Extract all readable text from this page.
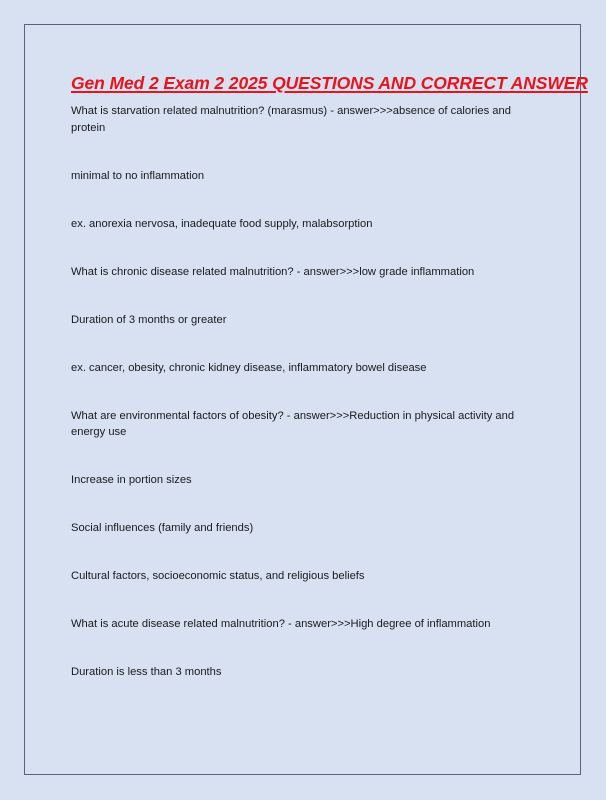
Gen Med 2 Exam 2 2025 QUESTIONS AND CORRECT ANSWER

What is starvation related malnutrition? (marasmus) - answer>>>absence of calories and protein

minimal to no inflammation

ex. anorexia nervosa, inadequate food supply, malabsorption

What is chronic disease related malnutrition? - answer>>>low grade inflammation

Duration of 3 months or greater

ex. cancer, obesity, chronic kidney disease, inflammatory bowel disease

What are environmental factors of obesity? - answer>>>Reduction in physical activity and energy use

Increase in portion sizes

Social influences (family and friends)

Cultural factors, socioeconomic status, and religious beliefs

What is acute disease related malnutrition? - answer>>>High degree of inflammation

Duration is less than 3 months
